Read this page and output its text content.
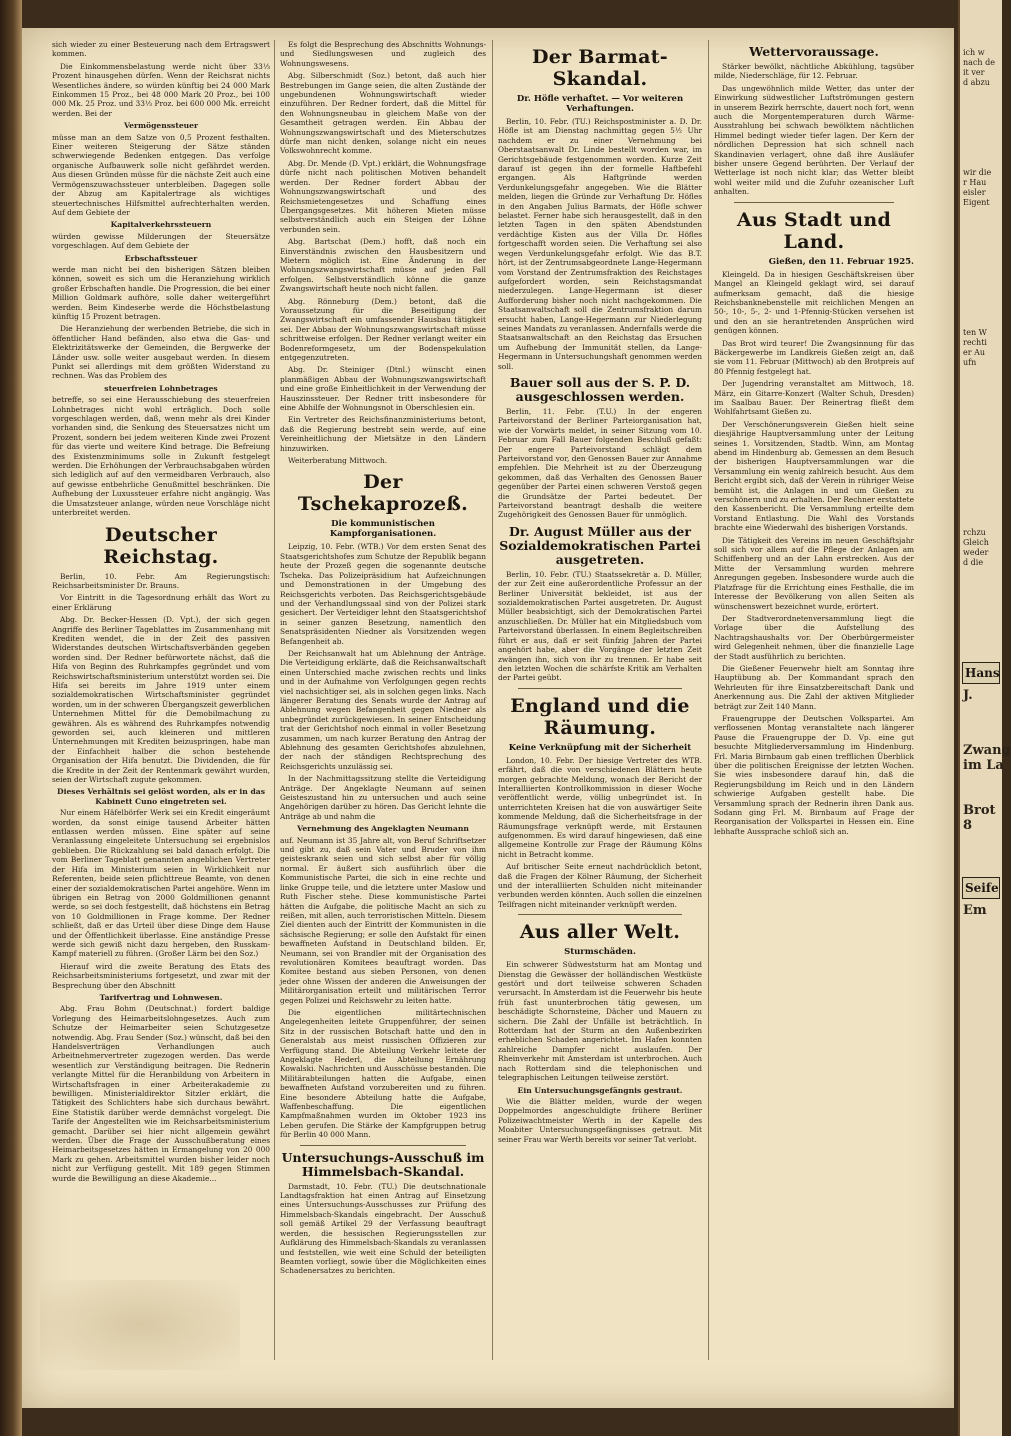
sich wieder zu einer Besteuerung nach dem Ertragswert kommen.

Die Einkommensbelastung werde nicht über 33⅓ Prozent hinausgehen dürfen. Wenn der Reichsrat nichts Wesentliches ändere, so würden künftig bei 24 000 Mark Einkommen 15 Proz., bei 48 000 Mark 20 Proz., bei 100 000 Mk. 25 Proz. und 33⅓ Proz. bei 600 000 Mk. erreicht werden. Bei der

Vermögenssteuer

müsse man an dem Satze von 0,5 Prozent festhalten. Einer weiteren Steigerung der Sätze ständen schwerwiegende Bedenken entgegen. Das verfolge organische Aufbauwerk solle nicht gefährdet werden. Aus diesen Gründen müsse für die nächste Zeit auch eine Vermögenszuwachssteuer unterbleiben. Dagegen solle der Abzug am Kapitalertrage als wichtiges steuertechnisches Hilfsmittel aufrechterhalten werden. Auf dem Gebiete der

Kapitalverkehrssteuern

würden gewisse Milderungen der Steuersätze vorgeschlagen. Auf dem Gebiete der

Erbschaftssteuer

werde man nicht bei den bisherigen Sätzen bleiben können, soweit es sich um die Heranziehung wirklich großer Erbschaften handle. Die Progression, die bei einer Million Goldmark aufhöre, solle daher weitergeführt werden. Beim Kindeserbe werde die Höchstbelastung künftig 15 Prozent betragen.

Die Heranziehung der werbenden Betriebe, die sich in öffentlicher Hand befänden, also etwa die Gas- und Elektrizitätswerke der Gemeinden, die Bergwerke der Länder usw. solle weiter ausgebaut werden. In diesem Punkt sei allerdings mit dem größten Widerstand zu rechnen. Was das Problem des

steuerfreien Lohnbetrages

betreffe, so sei eine Herausschiebung des steuerfreien Lohnbetrages nicht wohl erträglich. Doch solle vorgeschlagen werden, daß, wenn mehr als drei Kinder vorhanden sind, die Senkung des Steuersatzes nicht um Prozent, sondern bei jedem weiteren Kinde zwei Prozent für das vierte und weitere Kind betrage. Die Befreiung des Existenzminimums solle in Zukunft festgelegt werden. Die Erhöhungen der Verbrauchsabgaben würden sich lediglich auf auf den vermeidbaren Verbrauch, also auf gewisse entbehrliche Genußmittel beschränken. Die Aufhebung der Luxussteuer erfahre nicht angängig. Was die Umsatzsteuer anlange, würden neue Vorschläge nicht unterbreitet werden.

Deutscher Reichstag.

Berlin, 10. Febr. Am Regierungstisch: Reichsarbeitsminister Dr. Brauns.

Vor Eintritt in die Tagesordnung erhält das Wort zu einer Erklärung

Abg. Dr. Becker-Hessen (D. Vpt.), der sich gegen Angriffe des Berliner Tageblattes im Zusammenhang mit Krediten wendet, die in der Zeit des passiven Widerstandes deutschen Wirtschaftsverbänden gegeben worden sind. Der Redner befürwortete nächst, daß die Hifa von Beginn des Ruhrkampfes gegründet und vom Reichswirtschaftsministerium unterstützt worden sei. Die Hifa sei bereits im Jahre 1919 unter einem sozialdemokratischen Wirtschaftsminister gegründet worden, um in der schweren Übergangszeit gewerblichen Unternehmen Mittel für die Demobilmachung zu gewähren. Als es während des Ruhrkampfes notwendig geworden sei, auch kleineren und mittleren Unternehmungen mit Krediten beizuspringen, habe man der Einfachheit halber die schon bestehende Organisation der Hifa benutzt. Die Dividenden, die für die Kredite in der Zeit der Rentenmark gewährt wurden, seien der Wirtschaft zugute gekommen.

Dieses Verhältnis sei gelöst worden, als er in das Kabinett Cuno eingetreten sei.

Nur einem Häfelbörfer Werk sei ein Kredit eingeräumt worden, da sonst einige tausend Arbeiter hätten entlassen werden müssen. Eine später auf seine Veranlassung eingeleitete Untersuchung sei ergebnislos geblieben. Die Rückzahlung sei bald danach erfolgt. Die vom Berliner Tageblatt genannten angeblichen Vertreter der Hifa im Ministerium seien in Wirklichkeit nur Referenten, beide seien pflichttreue Beamte, von denen einer der sozialdemokratischen Partei angehöre. Wenn im übrigen ein Betrag von 2000 Goldmillionen genannt werde, so sei doch festgestellt, daß höchstens ein Betrag von 10 Goldmillionen in Frage komme. Der Redner schließt, daß er das Urteil über diese Dinge dem Hause und der Öffentlichkeit überlasse. Eine anständige Presse werde sich gewiß nicht dazu hergeben, den Russkam-Kampf materiell zu führen. (Großer Lärm bei den Soz.)

Hierauf wird die zweite Beratung des Etats des Reichsarbeitsministeriums fortgesetzt, und zwar mit der Besprechung über den Abschnitt

Tarifvertrag und Lohnwesen.

Abg. Frau Bohm (Deutschnat.) fordert baldige Vorlegung des Heimarbeitslohngesetzes. Auch zum Schutze der Heimarbeiter seien Schutzgesetze notwendig. Abg. Frau Sender (Soz.) wünscht, daß bei den Handelsverträgen Verhandlungen auch Arbeitnehmervertreter zugezogen werden. Das werde wesentlich zur Verständigung beitragen. Die Rednerin verlangte Mittel für die Heranbildung von Arbeitern in Wirtschaftsfragen in einer Arbeiterakademie zu bewilligen. Ministerialdirektor Sitzler erklärt, die Tätigkeit des Schlichters habe sich durchaus bewährt. Eine Statistik darüber werde demnächst vorgelegt. Die Tarife der Angestellten wie im Reichsarbeitsministerium gemacht. Darüber sei hier nicht allgemein gewährt werden. Über die Frage der Ausschußberatung eines Heimarbeitsgesetzes hätten in Ermangelung von 20 000 Mark zu gehen. Arbeitsmittel wurden bisher leider noch nicht zur Verfügung gestellt. Mit 189 gegen Stimmen wurde die Bewilligung an diese Akademie...

Es folgt die Besprechung des Abschnitts Wohnungs- und Siedlungswesen und zugleich des Wohnungswesens.

Abg. Silberschmidt (Soz.) betont, daß auch hier Bestrebungen im Gange seien, die alten Zustände der ungebundenen Wohnungswirtschaft wieder einzuführen. Der Redner fordert, daß die Mittel für den Wohnungsneubau in gleichem Maße von der Gesamtheit getragen werden. Ein Abbau der Wohnungszwangswirtschaft und des Mieterschutzes dürfe man nicht denken, solange nicht ein neues Volkswohnrecht komme.

Abg. Dr. Mende (D. Vpt.) erklärt, die Wohnungsfrage dürfe nicht nach politischen Motiven behandelt werden. Der Redner fordert Abbau der Wohnungszwangswirtschaft und des Reichsmietengesetzes und Schaffung eines Übergangsgesetzes. Mit höheren Mieten müsse selbstverständlich auch ein Steigen der Löhne verbunden sein.

Abg. Bartschat (Dem.) hofft, daß noch ein Einverständnis zwischen den Hausbesitzern und Mietern möglich ist. Eine Änderung in der Wohnungszwangswirtschaft müsse auf jeden Fall erfolgen. Selbstverständlich könne die ganze Zwangswirtschaft heute noch nicht fallen.

Abg. Rönneburg (Dem.) betont, daß die Voraussetzung für die Beseitigung der Zwangswirtschaft ein umfassender Hausbau tätigkeit sei. Der Abbau der Wohnungszwangswirtschaft müsse schrittweise erfolgen. Der Redner verlangt weiter ein Bodenreformgesetz, um der Bodenspekulation entgegenzutreten.

Abg. Dr. Steiniger (Dtnl.) wünscht einen planmäßigen Abbau der Wohnungszwangswirtschaft und eine große Einheitlichkeit in der Verwendung der Hauszinssteuer. Der Redner tritt insbesondere für eine Abhilfe der Wohnungsnot in Oberschlesien ein.

Ein Vertreter des Reichsfinanzministeriums betont, daß die Regierung bestrebt sein werde, auf eine Vereinheitlichung der Mietsätze in den Ländern hinzuwirken.

Weiterberatung Mittwoch.

Der Tschekaprozeß.
Die kommunistischen Kampforganisationen.

Leipzig, 10. Febr. (WTB.) Vor dem ersten Senat des Staatsgerichtshofes zum Schutze der Republik begann heute der Prozeß gegen die sogenannte deutsche Tscheka. Das Polizeipräsidium hat Aufzeichnungen und Demonstrationen in der Umgebung des Reichsgerichts verboten. Das Reichsgerichtsgebäude und der Verhandlungssaal sind von der Polizei stark gesichert. Der Verteidiger lehnt den Staatsgerichtshof in seiner ganzen Besetzung, namentlich den Senatspräsidenten Niedner als Vorsitzenden wegen Befangenheit ab.

Der Reichsanwalt hat um Ablehnung der Anträge. Die Verteidigung erklärte, daß die Reichsanwaltschaft einen Unterschied mache zwischen rechts und links und in der Aufnahme von Verfolgungen gegen rechts viel nachsichtiger sei, als in solchen gegen links. Nach längerer Beratung des Senats wurde der Antrag auf Ablehnung wegen Befangenheit gegen Niedner als unbegründet zurückgewiesen. In seiner Entscheidung trat der Gerichtshof noch einmal in voller Besetzung zusammen, um nach kurzer Beratung den Antrag der Ablehnung des gesamten Gerichtshofes abzulehnen, der nach der ständigen Rechtsprechung des Reichsgerichts unzulässig sei.

In der Nachmittagssitzung stellte die Verteidigung Anträge. Der Angeklagte Neumann auf seinen Geisteszustand hin zu untersuchen und auch seine Angehörigen darüber zu hören. Das Gericht lehnte die Anträge ab und nahm die

Vernehmung des Angeklagten Neumann

auf. Neumann ist 35 Jahre alt, von Beruf Schriftsetzer und gibt zu, daß sein Vater und Bruder von ihm geisteskrank seien und sich selbst aber für völlig normal. Er äußert sich ausführlich über die Kommunistische Partei, die sich in eine rechte und linke Gruppe teile, und die letztere unter Maslow und Ruth Fischer stehe. Diese kommunistische Partei hätten die Aufgabe, die politische Macht an sich zu reißen, mit allen, auch terroristischen Mitteln. Diesem Ziel dienten auch der Eintritt der Kommunisten in die sächsische Regierung; er solle den Aufstakt für einen bewaffneten Aufstand in Deutschland bilden. Er, Neumann, sei von Brandler mit der Organisation des revolutionären Komitees beauftragt worden. Das Komitee bestand aus sieben Personen, von denen jeder ohne Wissen der anderen die Anweisungen der Militärorganisation erteilt und militärischen Terror gegen Polizei und Reichswehr zu leiten hatte.

Die eigentlichen militärtechnischen Angelegenheiten leitete Gruppenführer, der seinen Sitz in der russischen Botschaft hatte und den in Generalstab aus meist russischen Offizieren zur Verfügung stand. Die Abteilung Verkehr leitete der Angeklagte Hederl, die Abteilung Ernährung Kowalski. Nachrichten und Ausschüsse bestanden. Die Militärabteilungen hatten die Aufgabe, einen bewaffneten Aufstand vorzubereiten und zu führen. Eine besondere Abteilung hatte die Aufgabe, Waffenbeschaffung. Die eigentlichen Kampfmaßnahmen wurden im Oktober 1923 ins Leben gerufen. Die Stärke der Kampfgruppen betrug für Berlin 40 000 Mann.

Untersuchungs-Ausschuß im Himmelsbach-Skandal.

Darmstadt, 10. Febr. (TU.) Die deutschnationale Landtagsfraktion hat einen Antrag auf Einsetzung eines Untersuchungs-Ausschusses zur Prüfung des Himmelsbach-Skandals eingebracht. Der Ausschuß soll gemäß Artikel 29 der Verfassung beauftragt werden, die hessischen Regierungsstellen zur Aufklärung des Himmelsbach-Skandals zu veranlassen und feststellen, wie weit eine Schuld der beteiligten Beamten vorliegt, sowie über die Möglichkeiten eines Schadenersatzes zu berichten.

Der Barmat-Skandal.
Dr. Höfle verhaftet. — Vor weiteren Verhaftungen.

Berlin, 10. Febr. (TU.) Reichspostminister a. D. Dr. Höfle ist am Dienstag nachmittag gegen 5½ Uhr nachdem er zu einer Vernehmung bei Oberstaatsanwalt Dr. Linde bestellt worden war, im Gerichtsgebäude festgenommen worden. Kurze Zeit darauf ist gegen ihn der formelle Haftbefehl ergangen. Als Haftgründe werden Verdunkelungsgefahr angegeben. Wie die Blätter melden, liegen die Gründe zur Verhaftung Dr. Höfles in den Angaben Julius Barmats, der Höfle schwer belastet. Ferner habe sich herausgestellt, daß in den letzten Tagen in den späten Abendstunden verdächtige Kisten aus der Villa Dr. Höfles fortgeschafft worden seien. Die Verhaftung sei also wegen Verdunkelungsgefahr erfolgt. Wie das B.T. hört, ist der Zentrumsabgeordnete Lange-Hegermann vom Vorstand der Zentrumsfraktion des Reichstages aufgefordert worden, sein Reichstagsmandat niederzulegen. Lange-Hegermann ist dieser Aufforderung bisher noch nicht nachgekommen. Die Staatsanwaltschaft soll die Zentrumsfraktion darum ersucht haben, Lange-Hegermann zur Niederlegung seines Mandats zu veranlassen. Andernfalls werde die Staatsanwaltschaft an den Reichstag das Ersuchen um Aufhebung der Immunität stellen, da Lange-Hegermann in Untersuchungshaft genommen werden soll.

Bauer soll aus der S. P. D. ausgeschlossen werden.

Berlin, 11. Febr. (T.U.) In der engeren Parteivorstand der Berliner Parteiorganisation hat, wie der Vorwärts meldet, in seiner Sitzung vom 10. Februar zum Fall Bauer folgenden Beschluß gefaßt: Der engere Parteivorstand schlägt dem Parteivorstand vor, den Genossen Bauer zur Annahme empfehlen. Die Mehrheit ist zu der Überzeugung gekommen, daß das Verhalten des Genossen Bauer gegenüber der Partei einen schweren Verstoß gegen die Grundsätze der Partei bedeutet. Der Parteivorstand beantragt deshalb die weitere Zugehörigkeit des Genossen Bauer für unmöglich.

Dr. August Müller aus der Sozialdemokratischen Partei ausgetreten.

Berlin, 10. Febr. (TU.) Staatssekretär a. D. Müller, der zur Zeit eine außerordentliche Professur an der Berliner Universität bekleidet, ist aus der sozialdemokratischen Partei ausgetreten. Dr. August Müller beabsichtigt, sich der Demokratischen Partei anzuschließen. Dr. Müller hat ein Mitgliedsbuch vom Parteivorstand überlassen. In einem Begleitschreiben führt er aus, daß er seit fünfzig Jahren der Partei angehört habe, aber die Vorgänge der letzten Zeit zwängen ihn, sich von ihr zu trennen. Er habe seit den letzten Wochen die schärfste Kritik am Verhalten der Partei geübt.

England und die Räumung.
Keine Verknüpfung mit der Sicherheit

London, 10. Febr. Der hiesige Vertreter des WTB. erfährt, daß die von verschiedenen Blättern heute morgen gebrachte Meldung, wonach der Bericht der Interalliierten Kontrollkommission in dieser Woche veröffentlicht werde, völlig unbegründet ist. In unterrichteten Kreisen hat die von auswärtiger Seite kommende Meldung, daß die Sicherheitsfrage in der Räumungsfrage verknüpft werde, mit Erstaunen aufgenommen. Es wird darauf hingewiesen, daß eine allgemeine Kontrolle zur Frage der Räumung Kölns nicht in Betracht komme.

Auf britischer Seite erneut nachdrücklich betont, daß die Fragen der Kölner Räumung, der Sicherheit und der interalliierten Schulden nicht miteinander verbunden werden könnten. Auch sollen die einzelnen Teilfragen nicht miteinander verknüpft werden.

Aus aller Welt.
Sturmschäden.

Ein schwerer Südweststurm hat am Montag und Dienstag die Gewässer der holländischen Westküste gestört und dort teilweise schweren Schaden verursacht. In Amsterdam ist die Feuerwehr bis heute früh fast ununterbrochen tätig gewesen, um beschädigte Schornsteine, Dächer und Mauern zu sichern. Die Zahl der Unfälle ist beträchtlich. In Rotterdam hat der Sturm an den Außenbezirken erheblichen Schaden angerichtet. Im Hafen konnten zahlreiche Dampfer nicht auslaufen. Der Rheinverkehr mit Amsterdam ist unterbrochen. Auch nach Rotterdam sind die telephonischen und telegraphischen Leitungen teilweise zerstört.

Ein Untersuchungsgefängnis gestraut.

Wie die Blätter melden, wurde der wegen Doppelmordes angeschuldigte frühere Berliner Polizeiwachtmeister Werth in der Kapelle des Moabiter Untersuchungsgefängnisses getraut. Mit seiner Frau war Werth bereits vor seiner Tat verlobt.

Wettervoraussage.

Stärker bewölkt, nächtliche Abkühlung, tagsüber milde, Niederschläge, für 12. Februar.

Das ungewöhnlich milde Wetter, das unter der Einwirkung südwestlicher Luftströmungen gestern in unserem Bezirk herrschte, dauert noch fort, wenn auch die Morgentemperaturen durch Wärme-Ausstrahlung bei schwach bewölktem nächtlichen Himmel bedingt wieder tiefer lagen. Der Kern der nördlichen Depression hat sich schnell nach Skandinavien verlagert, ohne daß ihre Ausläufer bisher unsere Gegend berührten. Der Verlauf der Wetterlage ist noch nicht klar; das Wetter bleibt wohl weiter mild und die Zufuhr ozeanischer Luft anhalten.

Aus Stadt und Land.
Gießen, den 11. Februar 1925.

Kleingeld. Da in hiesigen Geschäftskreisen über Mangel an Kleingeld geklagt wird, sei darauf aufmerksam gemacht, daß die hiesige Reichsbanknebenstelle mit reichlichen Mengen an 50-, 10-, 5-, 2- und 1-Pfennig-Stücken versehen ist und den an sie herantretenden Ansprüchen wird genügen können.

Das Brot wird teurer! Die Zwangsinnung für das Bäckergewerbe im Landkreis Gießen zeigt an, daß sie vom 11. Februar (Mittwoch) ab den Brotpreis auf 80 Pfennig festgelegt hat.

Der Jugendring veranstaltet am Mittwoch, 18. März, ein Gitarre-Konzert (Walter Schuh, Dresden) im Saalbau Bauer. Der Reinertrag fließt dem Wohlfahrtsamt Gießen zu.

Der Verschönerungsverein Gießen hielt seine diesjährige Hauptversammlung unter der Leitung seines 1. Vorsitzenden, Stadtb. Winn, am Montag abend im Hindenburg ab. Gemessen an dem Besuch der bisherigen Hauptversammlungen war die Versammlung ein wenig zahlreich besucht. Aus dem Bericht ergibt sich, daß der Verein in rühriger Weise bemüht ist, die Anlagen in und um Gießen zu verschönern und zu erhalten. Der Rechner erstattete den Kassenbericht. Die Versammlung erteilte dem Vorstand Entlastung. Die Wahl des Vorstands brachte eine Wiederwahl des bisherigen Vorstands.

Die Tätigkeit des Vereins im neuen Geschäftsjahr soll sich vor allem auf die Pflege der Anlagen am Schiffenberg und an der Lahn erstrecken. Aus der Mitte der Versammlung wurden mehrere Anregungen gegeben. Insbesondere wurde auch die Platzfrage für die Errichtung eines Festhalle, die im Interesse der Bevölkerung von allen Seiten als wünschenswert bezeichnet wurde, erörtert.

Der Stadtverordnetenversammlung liegt die Vorlage über die Aufstellung des Nachtragshaushalts vor. Der Oberbürgermeister wird Gelegenheit nehmen, über die finanzielle Lage der Stadt ausführlich zu berichten.

Die Gießener Feuerwehr hielt am Sonntag ihre Hauptübung ab. Der Kommandant sprach den Wehrleuten für ihre Einsatzbereitschaft Dank und Anerkennung aus. Die Zahl der aktiven Mitglieder beträgt zur Zeit 140 Mann.

Frauengruppe der Deutschen Volkspartei. Am verflossenen Montag veranstaltete nach längerer Pause die Frauengruppe der D. Vp. eine gut besuchte Mitgliederversammlung im Hindenburg. Frl. Maria Birnbaum gab einen trefflichen Überblick über die politischen Ereignisse der letzten Wochen. Sie wies insbesondere darauf hin, daß die Regierungsbildung im Reich und in den Ländern schwierige Aufgaben gestellt habe. Die Versammlung sprach der Rednerin ihren Dank aus. Sodann ging Frl. M. Birnbaum auf Frage der Reorganisation der Volkspartei in Hessen ein. Eine lebhafte Aussprache schloß sich an.

ich w
nach de
it ver
d abzu
wir die
r Hau
eisler
Eigent
ten W
rechti
er Au
ufn
rchzu
Gleich
weder
d die
Hans
J.
Zwang
im La
Brot
8
Seife
Em
